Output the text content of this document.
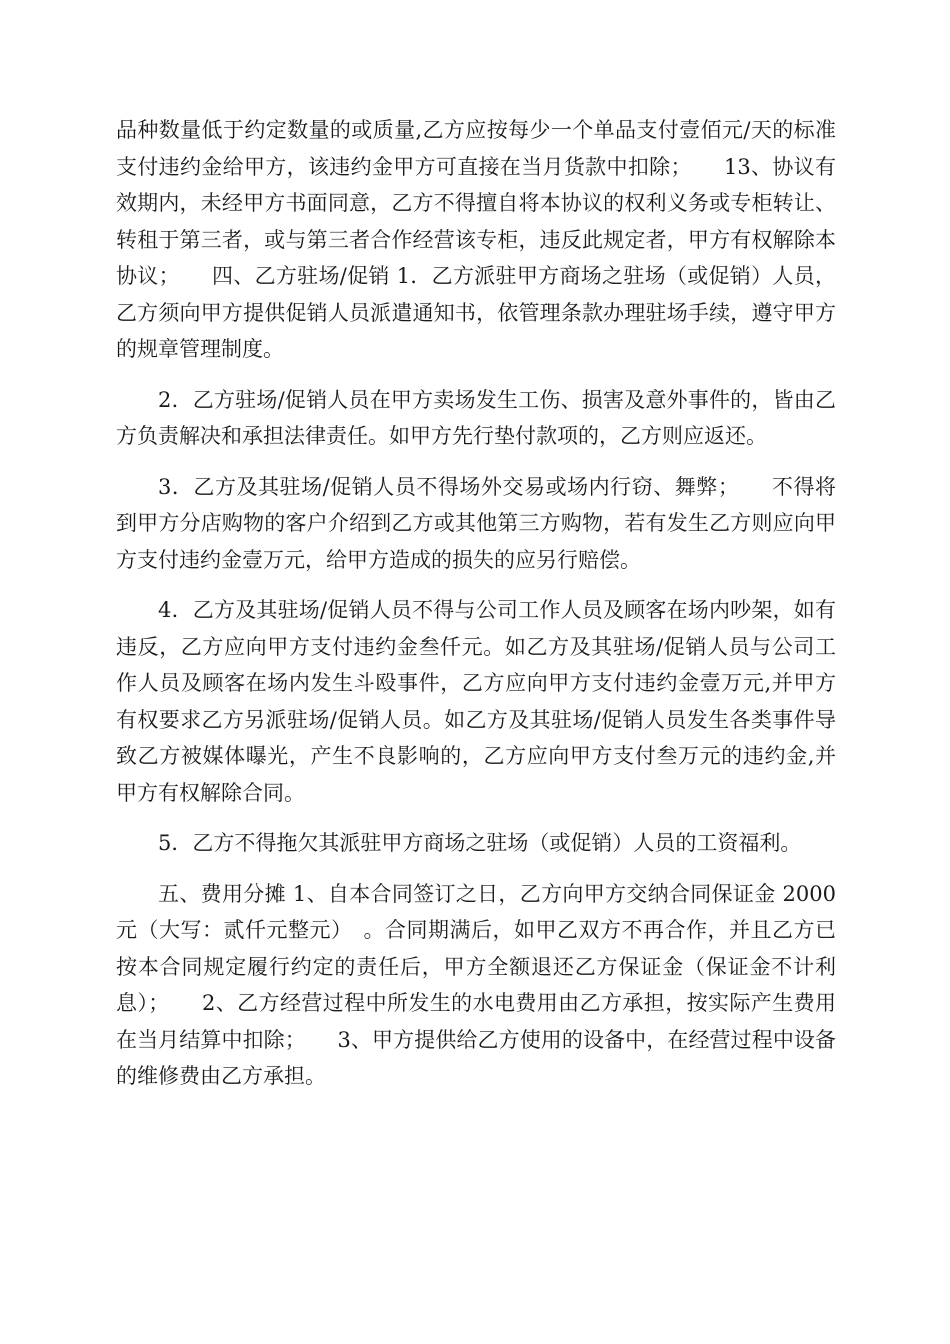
品种数量低于约定数量的或质量,乙方应按每少一个单品支付壹佰元/天的标准支付违约金给甲方，该违约金甲方可直接在当月货款中扣除；　　13、协议有效期内，未经甲方书面同意，乙方不得擅自将本协议的权利义务或专柜转让、转租于第三者，或与第三者合作经营该专柜，违反此规定者，甲方有权解除本协议；　　四、乙方驻场/促销 1．乙方派驻甲方商场之驻场（或促销）人员，乙方须向甲方提供促销人员派遣通知书，依管理条款办理驻场手续，遵守甲方的规章管理制度。

2．乙方驻场/促销人员在甲方卖场发生工伤、损害及意外事件的，皆由乙方负责解决和承担法律责任。如甲方先行垫付款项的，乙方则应返还。

3．乙方及其驻场/促销人员不得场外交易或场内行窃、舞弊；　　不得将到甲方分店购物的客户介绍到乙方或其他第三方购物，若有发生乙方则应向甲方支付违约金壹万元，给甲方造成的损失的应另行赔偿。

4．乙方及其驻场/促销人员不得与公司工作人员及顾客在场内吵架，如有违反，乙方应向甲方支付违约金叁仟元。如乙方及其驻场/促销人员与公司工作人员及顾客在场内发生斗殴事件，乙方应向甲方支付违约金壹万元,并甲方有权要求乙方另派驻场/促销人员。如乙方及其驻场/促销人员发生各类事件导致乙方被媒体曝光，产生不良影响的，乙方应向甲方支付叁万元的违约金,并甲方有权解除合同。

5．乙方不得拖欠其派驻甲方商场之驻场（或促销）人员的工资福利。

五、费用分摊 1、自本合同签订之日，乙方向甲方交纳合同保证金 2000 元（大写：贰仟元整元）　。合同期满后，如甲乙双方不再合作，并且乙方已按本合同规定履行约定的责任后，甲方全额退还乙方保证金（保证金不计利息）；　　2、乙方经营过程中所发生的水电费用由乙方承担，按实际产生费用在当月结算中扣除；　　3、甲方提供给乙方使用的设备中，在经营过程中设备的维修费由乙方承担。
